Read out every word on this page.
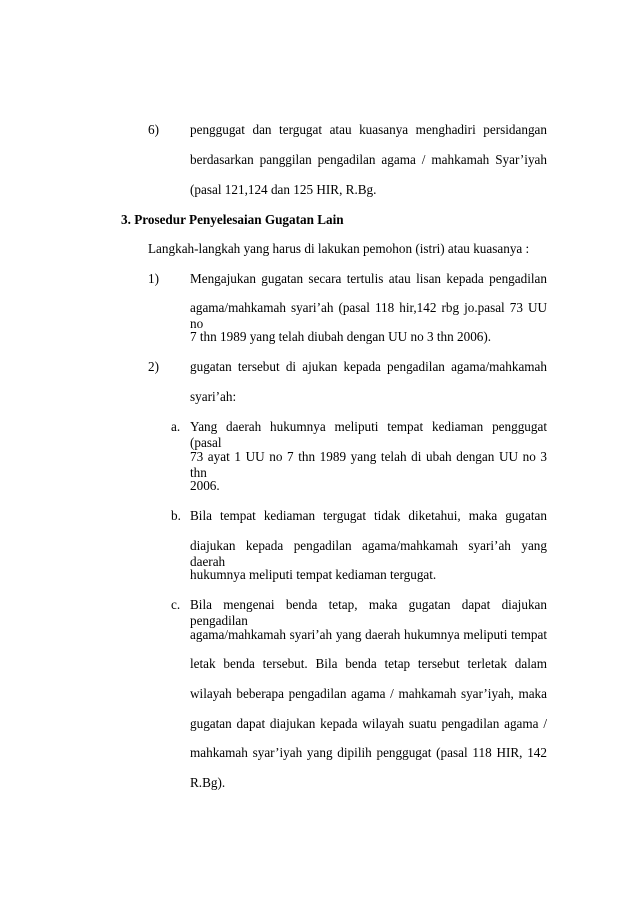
6) penggugat dan tergugat atau kuasanya menghadiri persidangan
berdasarkan panggilan pengadilan agama / mahkamah Syar’iyah
(pasal 121,124 dan 125 HIR, R.Bg.
3. Prosedur Penyelesaian Gugatan Lain
Langkah-langkah yang harus di lakukan pemohon (istri) atau kuasanya :
1) Mengajukan gugatan secara tertulis atau lisan kepada pengadilan
agama/mahkamah syari’ah (pasal 118 hir,142 rbg jo.pasal 73 UU no
7 thn 1989 yang telah diubah dengan UU no 3 thn 2006).
2) gugatan tersebut di ajukan kepada pengadilan agama/mahkamah
syari’ah:
a. Yang daerah hukumnya meliputi tempat kediaman penggugat (pasal
73 ayat 1 UU no 7 thn 1989 yang telah di ubah dengan UU no 3 thn
2006.
b. Bila tempat kediaman tergugat tidak diketahui, maka gugatan
diajukan kepada pengadilan agama/mahkamah syari’ah yang daerah
hukumnya meliputi tempat kediaman tergugat.
c. Bila mengenai benda tetap, maka gugatan dapat diajukan pengadilan
agama/mahkamah syari’ah yang daerah hukumnya meliputi tempat
letak benda tersebut. Bila benda tetap tersebut terletak dalam
wilayah beberapa pengadilan agama / mahkamah syar’iyah, maka
gugatan dapat diajukan kepada wilayah suatu pengadilan agama /
mahkamah syar’iyah yang dipilih penggugat (pasal 118 HIR, 142
R.Bg).
